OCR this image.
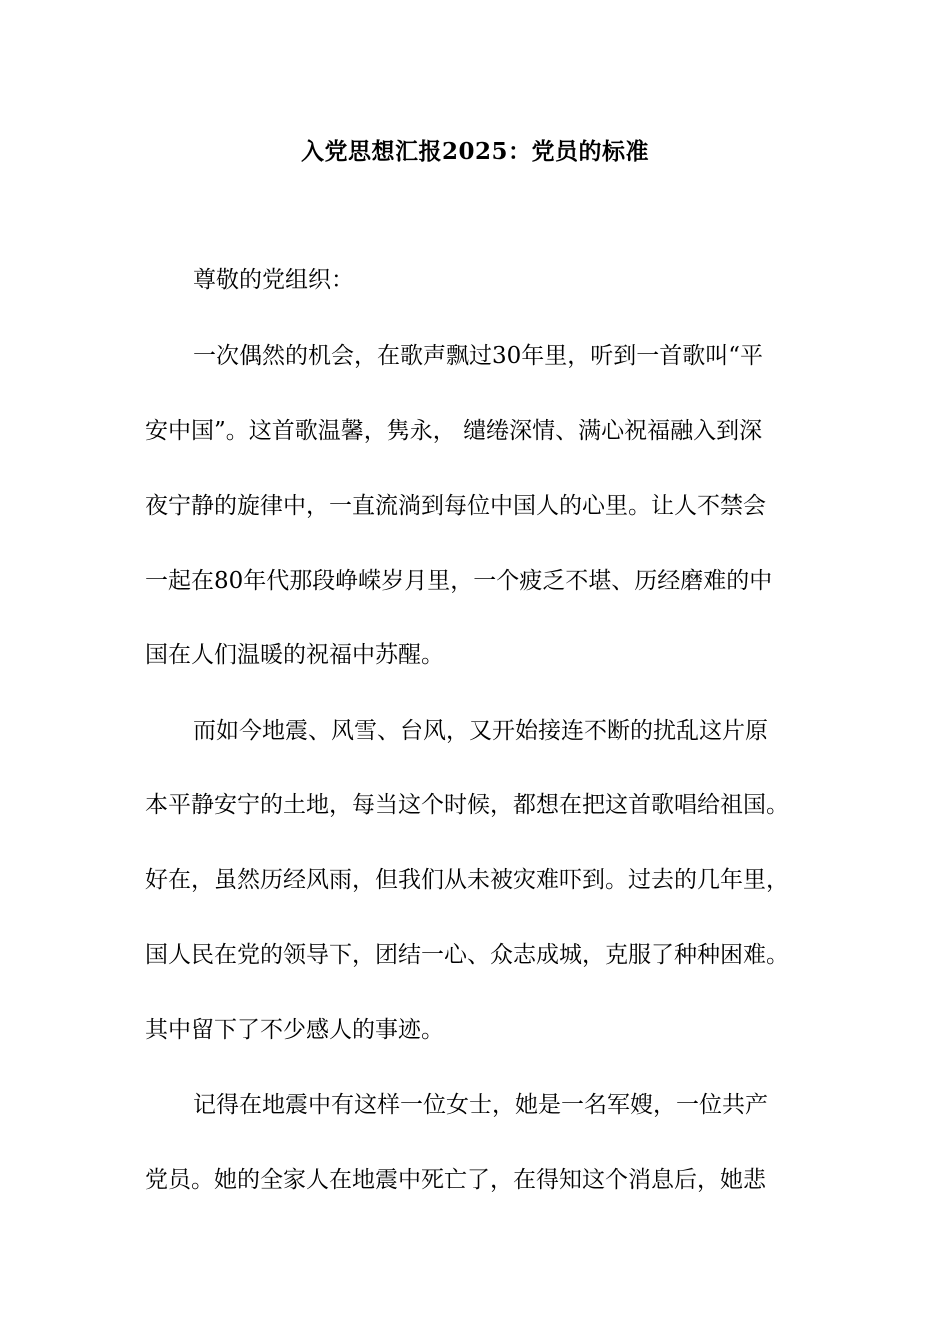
入党思想汇报2025：党员的标准
尊敬的党组织：
一次偶然的机会，在歌声飘过30年里，听到一首歌叫“平
安中国”。这首歌温馨，隽永， 缱绻深情、满心祝福融入到深
夜宁静的旋律中，一直流淌到每位中国人的心里。让人不禁会
一起在80年代那段峥嵘岁月里，一个疲乏不堪、历经磨难的中
国在人们温暖的祝福中苏醒。
而如今地震、风雪、台风，又开始接连不断的扰乱这片原
本平静安宁的土地，每当这个时候，都想在把这首歌唱给祖国。
好在，虽然历经风雨，但我们从未被灾难吓到。过去的几年里，
国人民在党的领导下，团结一心、众志成城，克服了种种困难。
其中留下了不少感人的事迹。
记得在地震中有这样一位女士，她是一名军嫂，一位共产
党员。她的全家人在地震中死亡了，在得知这个消息后，她悲
